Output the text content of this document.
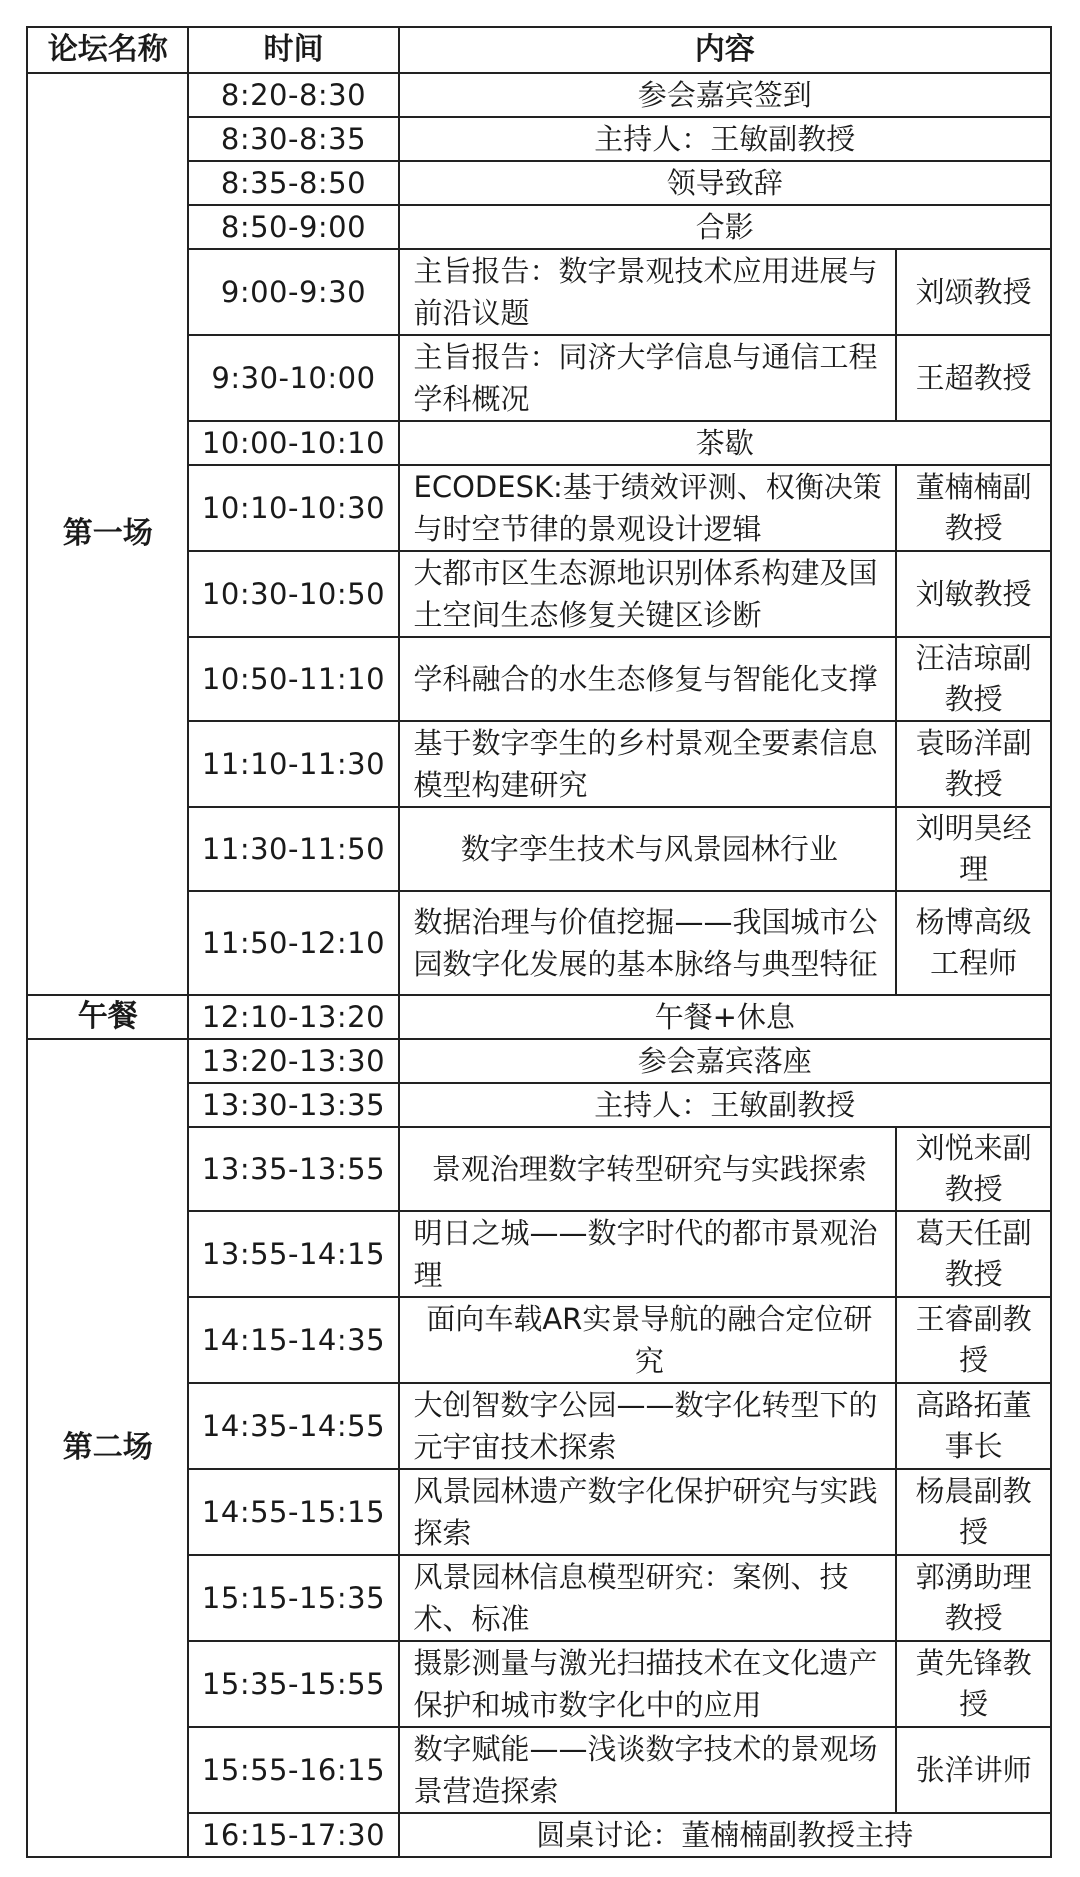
论坛名称	时间	内容	
第一场	8:20-8:30	参会嘉宾签到	
	8:30-8:35	主持人：王敏副教授	
	8:35-8:50	领导致辞	
	8:50-9:00	合影	
	9:00-9:30	主旨报告：数字景观技术应用进展与前沿议题	刘颂教授
	9:30-10:00	主旨报告：同济大学信息与通信工程学科概况	王超教授
	10:00-10:10	茶歇	
	10:10-10:30	ECODESK:基于绩效评测、权衡决策与时空节律的景观设计逻辑	董楠楠副教授
	10:30-10:50	大都市区生态源地识别体系构建及国土空间生态修复关键区诊断	刘敏教授
	10:50-11:10	学科融合的水生态修复与智能化支撑	汪洁琼副教授
	11:10-11:30	基于数字孪生的乡村景观全要素信息模型构建研究	袁旸洋副教授
	11:30-11:50	数字孪生技术与风景园林行业	刘明昊经理
	11:50-12:10	数据治理与价值挖掘——我国城市公园数字化发展的基本脉络与典型特征	杨博高级工程师
午餐	12:10-13:20	午餐+休息	
第二场	13:20-13:30	参会嘉宾落座	
	13:30-13:35	主持人：王敏副教授	
	13:35-13:55	景观治理数字转型研究与实践探索	刘悦来副教授
	13:55-14:15	明日之城——数字时代的都市景观治理	葛天任副教授
	14:15-14:35	面向车载AR实景导航的融合定位研究	王睿副教授
	14:35-14:55	大创智数字公园——数字化转型下的元宇宙技术探索	高路拓董事长
	14:55-15:15	风景园林遗产数字化保护研究与实践探索	杨晨副教授
	15:15-15:35	风景园林信息模型研究：案例、技术、标准	郭湧助理教授
	15:35-15:55	摄影测量与激光扫描技术在文化遗产保护和城市数字化中的应用	黄先锋教授
	15:55-16:15	数字赋能——浅谈数字技术的景观场景营造探索	张洋讲师
	16:15-17:30	圆桌讨论：董楠楠副教授主持	
